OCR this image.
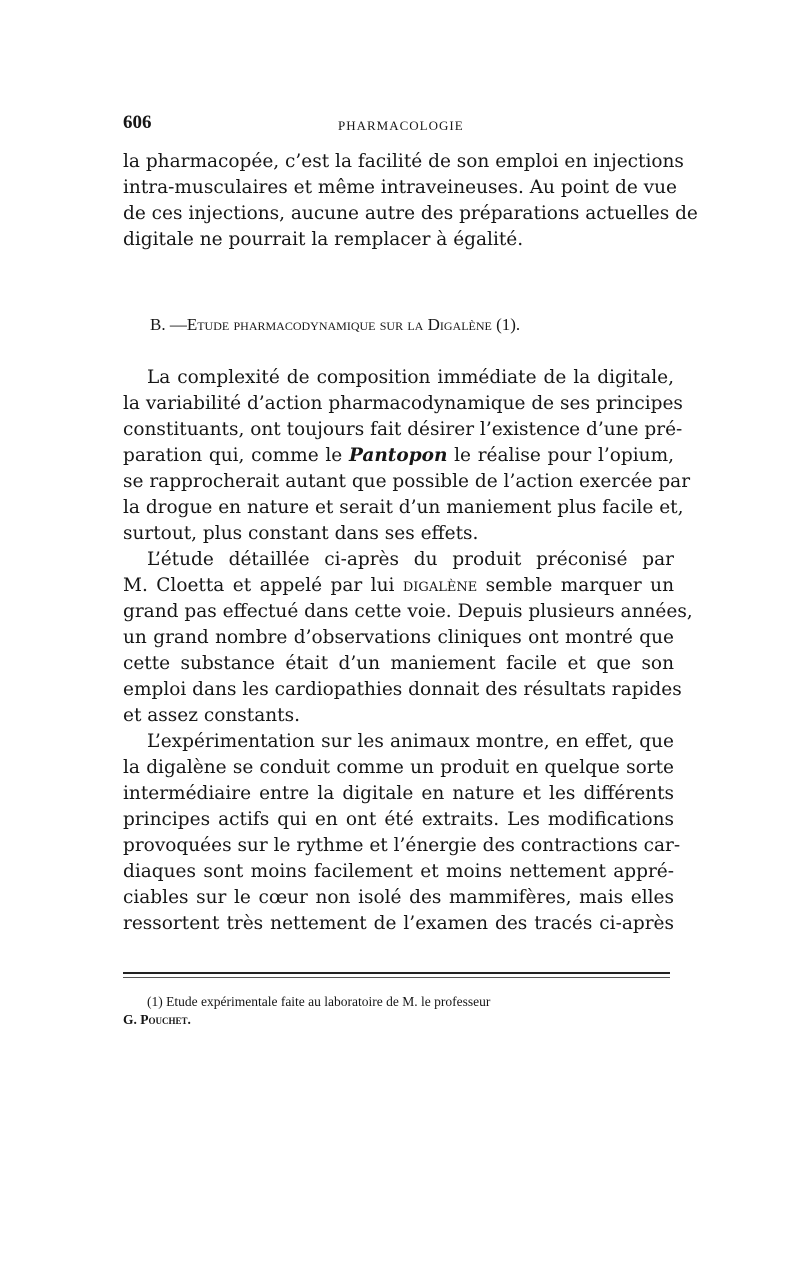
606	PHARMACOLOGIE
la pharmacopée, c’est la facilité de son emploi en injections
intra-musculaires et même intraveineuses. Au point de vue
de ces injections, aucune autre des préparations actuelles de
digitale ne pourrait la remplacer à égalité.
B. —Etude pharmacodynamique sur la Digalène (1).
La complexité de composition immédiate de la digitale,
la variabilité d’action pharmacodynamique de ses principes
constituants, ont toujours fait désirer l’existence d’une pré-
paration qui, comme le Pantopon le réalise pour l’opium,
se rapprocherait autant que possible de l’action exercée par
la drogue en nature et serait d’un maniement plus facile et,
surtout, plus constant dans ses effets.
L’étude détaillée ci-après du produit préconisé par
M. Cloetta et appelé par lui digalène semble marquer un
grand pas effectué dans cette voie. Depuis plusieurs années,
un grand nombre d’observations cliniques ont montré que
cette substance était d’un maniement facile et que son
emploi dans les cardiopathies donnait des résultats rapides
et assez constants.
L’expérimentation sur les animaux montre, en effet, que
la digalène se conduit comme un produit en quelque sorte
intermédiaire entre la digitale en nature et les différents
principes actifs qui en ont été extraits. Les modifications
provoquées sur le rythme et l’énergie des contractions car-
diaques sont moins facilement et moins nettement appré-
ciables sur le cœur non isolé des mammifères, mais elles
ressortent très nettement de l’examen des tracés ci-après
(1) Etude expérimentale faite au laboratoire de M. le professeur
G. Pouchet.
